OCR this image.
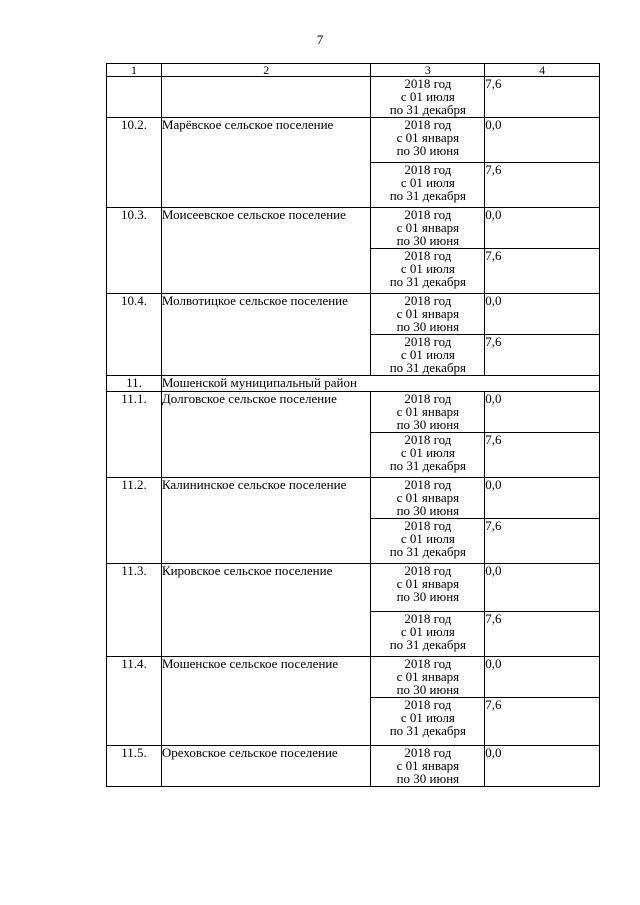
7
1	2	3	4

		2018 год
с 01 июля
по 31 декабря	7,6
10.2.	Марёвское сельское поселение	2018 год
с 01 января
по 30 июня	0,0

		2018 год
с 01 июля
по 31 декабря	7,6
10.3.	Моисеевское сельское поселение	2018 год
с 01 января
по 30 июня	0,0

		2018 год
с 01 июля
по 31 декабря	7,6
10.4.	Молвотицкое сельское поселение	2018 год
с 01 января
по 30 июня	0,0

		2018 год
с 01 июля
по 31 декабря	7,6
11.	Мошенской муниципальный район		
11.1.	Долговское сельское поселение	2018 год
с 01 января
по 30 июня	0,0

		2018 год
с 01 июля
по 31 декабря	7,6
11.2.	Калининское сельское поселение	2018 год
с 01 января
по 30 июня	0,0

		2018 год
с 01 июля
по 31 декабря	7,6
11.3.	Кировское сельское поселение	2018 год
с 01 января
по 30 июня	0,0

		2018 год
с 01 июля
по 31 декабря	7,6
11.4.	Мошенское сельское поселение	2018 год
с 01 января
по 30 июня	0,0

		2018 год
с 01 июля
по 31 декабря	7,6
11.5.	Ореховское сельское поселение	2018 год
с 01 января
по 30 июня	0,0
